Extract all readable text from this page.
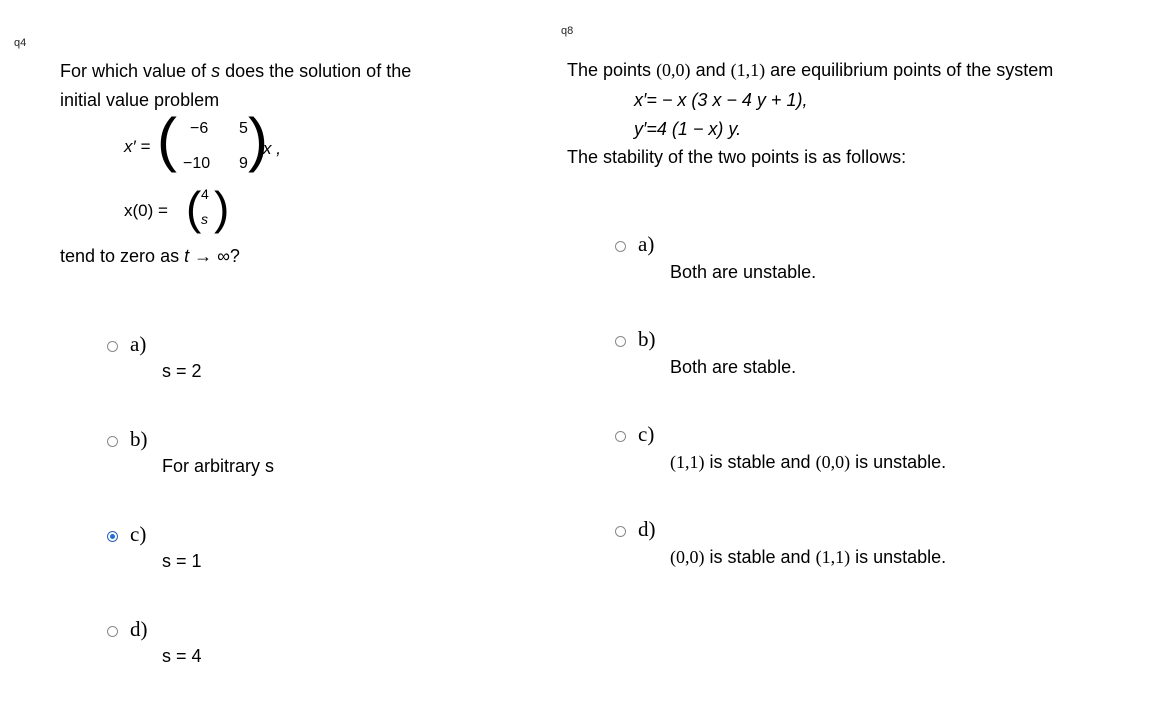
q4
For which value of s does the solution of the
initial value problem
x′ = ( −6 5
−10 9 )
x ,
x(0) = ( 4
s )
tend to zero as t → ∞?
a)
s = 2
b)
For arbitrary s
c)
s = 1
d)
s = 4
q8
The points (0,0) and (1,1) are equilibrium points of the system
x′= − x (3 x − 4 y + 1),
y′=4 (1 − x) y.
The stability of the two points is as follows:
a)
Both are unstable.
b)
Both are stable.
c)
(1,1) is stable and (0,0) is unstable.
d)
(0,0) is stable and (1,1) is unstable.
